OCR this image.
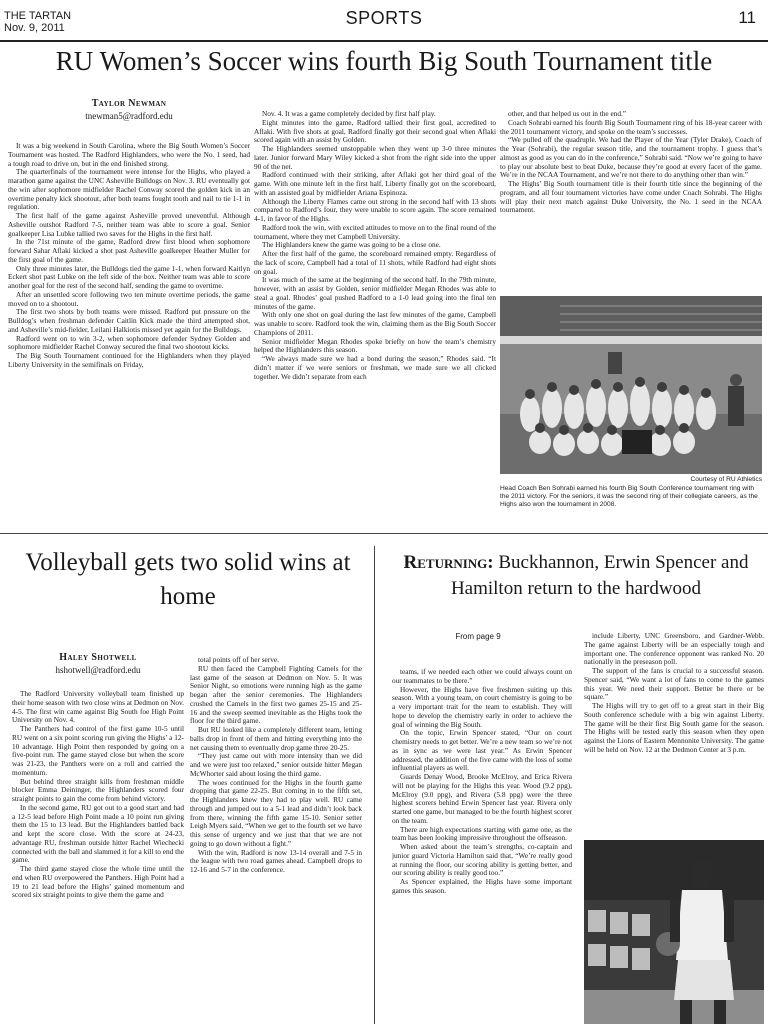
THE TARTAN
Nov. 9, 2011	SPORTS	11
RU Women’s Soccer wins fourth Big South Tournament title
Taylor Newman
tnewman5@radford.edu

It was a big weekend in South Carolina, where the Big South Women’s Soccer Tournament was hosted. The Radford Highlanders, who were the No. 1 seed, had a tough road to drive on, but in the end finished strong.

The quarterfinals of the tournament were intense for the Highs, who played a marathon game against the UNC Asheville Bulldogs on Nov. 3. RU eventually got the win after sophomore midfielder Rachel Conway scored the golden kick in an overtime penalty kick shootout, after both teams fought tooth and nail to tie 1-1 in regulation.

The first half of the game against Asheville proved uneventful. Although Asheville outshot Radford 7-5, neither team was able to score a goal. Senior goalkeeper Lisa Lubke tallied two saves for the Highs in the first half.

In the 71st minute of the game, Radford drew first blood when sophomore forward Sahar Aflaki kicked a shot past Asheville goalkeeper Heather Muller for the first goal of the game.

Only three minutes later, the Bulldogs tied the game 1-1, when forward Kaitlyn Eckert shot past Lubke on the left side of the box. Neither team was able to score another goal for the rest of the second half, sending the game to overtime.

After an unsettled score following two ten minute overtime periods, the game moved on to a shootout.

The first two shots by both teams were missed. Radford put pressure on the Bulldog’s when freshman defender Caitlin Kick made the third attempted shot, and Asheville’s mid-fielder, Leilani Halkiotis missed yet again for the Bulldogs.

Radford went on to win 3-2, when sophomore defender Sydney Golden and sophomore midfielder Rachel Conway secured the final two shootout kicks.

The Big South Tournament continued for the Highlanders when they played Liberty University in the semifinals on Friday,

Nov. 4. It was a game completely decided by first half play.

Eight minutes into the game, Radford tallied their first goal, accredited to Aflaki. With five shots at goal, Radford finally got their second goal when Aflaki scored again with an assist by Golden.

The Highlanders seemed unstoppable when they went up 3-0 three minutes later. Junior forward Mary Wiley kicked a shot from the right side into the upper 90 of the net.

Radford continued with their striking, after Aflaki got her third goal of the game. With one minute left in the first half, Liberty finally got on the scoreboard, with an assisted goal by midfielder Ariana Espinoza.

Although the Liberty Flames came out strong in the second half with 13 shots compared to Radford’s four, they were unable to score again. The score remained 4-1, in favor of the Highs.

Radford took the win, with excited attitudes to move on to the final round of the tournament, where they met Campbell University.

The Highlanders knew the game was going to be a close one.

After the first half of the game, the scoreboard remained empty. Regardless of the lack of score, Campbell had a total of 11 shots, while Radford had eight shots on goal.

It was much of the same at the beginning of the second half. In the 79th minute, however, with an assist by Golden, senior midfielder Megan Rhodes was able to steal a goal. Rhodes’ goal pushed Radford to a 1-0 lead going into the final ten minutes of the game.

With only one shot on goal during the last few minutes of the game, Campbell was unable to score. Radford took the win, claiming them as the Big South Soccer Champions of 2011.

Senior midfielder Megan Rhodes spoke briefly on how the team’s chemistry helped the Highlanders this season.

“We always made sure we had a bond during the season,” Rhodes said. “It didn’t matter if we were seniors or freshman, we made sure we all clicked together. We didn’t separate from each

other, and that helped us out in the end.”

Coach Sohrabi earned his fourth Big South Tournament ring of his 18-year career with the 2011 tournament victory, and spoke on the team’s successes.

“We pulled off the quadruple. We had the Player of the Year (Tyler Drake), Coach of the Year (Sohrabi), the regular season title, and the tournament trophy. I guess that’s almost as good as you can do in the conference,” Sohrabi said. “Now we’re going to have to play our absolute best to beat Duke, because they’re good at every facet of the game. We’re in the NCAA Tournament, and we’re not there to do anything other than win.”

The Highs’ Big South tournament title is their fourth title since the beginning of the program, and all four tournament victories have come under Coach Sohrabi. The Highs will play their next match against Duke University, the No. 1 seed in the NCAA tournament.

Courtesy of RU Athletics
Head Coach Ben Sohrabi earned his fourth Big South Conference tournament ring with the 2011 victory. For the seniors, it was the second ring of their collegiate careers, as the Highs also won the tournament in 2008.
Volleyball gets two solid wins at home
Haley Shotwell
hshotwell@radford.edu

The Radford University volleyball team finished up their home season with two close wins at Dedmon on Nov. 4-5. The first win came against Big South foe High Point University on Nov. 4.

The Panthers had control of the first game 10-5 until RU went on a six point scoring run giving the Highs’ a 12-10 advantage. High Point then responded by going on a five-point run. The game stayed close but when the score was 21-23, the Panthers were on a roll and carried the momentum.

But behind three straight kills from freshman middle blocker Emma Deininger, the Highlanders scored four straight points to gain the come from behind victory.

In the second game, RU got out to a good start and had a 12-5 lead before High Point made a 10 point run giving them the 15 to 13 lead. But the Highlanders battled back and kept the score close. With the score at 24-23, advantage RU, freshman outside hitter Rachel Wiechecki connected with the ball and slammed it for a kill to end the game.

The third game stayed close the whole time until the end when RU overpowered the Panthers. High Point had a 19 to 21 lead before the Highs’ gained momentum and scored six straight points to give them the game and

total points off of her serve.

RU then faced the Campbell Fighting Camels for the last game of the season at Dedmon on Nov. 5. It was Senior Night, so emotions were running high as the game began after the senior ceremonies. The Highlanders crushed the Camels in the first two games 25-15 and 25-16 and the sweep seemed inevitable as the Highs took the floor for the third game.

But RU looked like a completely different team, letting balls drop in front of them and hitting everything into the net causing them to eventually drop game three 20-25.

“They just came out with more intensity than we did and we were just too relaxed,” senior outside hitter Megan McWhorter said about losing the third game.

The woes continued for the Highs in the fourth game dropping that game 22-25. But coming in to the fifth set, the Highlanders knew they had to play well. RU came through and jumped out to a 5-1 lead and didn’t look back from there, winning the fifth game 15-10. Senior setter Leigh Myers said, “When we get to the fourth set we have this sense of urgency and we just that that we are not going to go down without a fight.”

With the win, Radford is now 13-14 overall and 7-5 in the league with two road games ahead. Campbell drops to 12-16 and 5-7 in the conference.

Returning: Buckhannon, Erwin Spencer and Hamilton return to the hardwood
From page 9

teams, if we needed each other we could always count on our teammates to be there.”

However, the Highs have five freshmen suiting up this season. With a young team, on court chemistry is going to be a very important trait for the team to establish. They will hope to develop the chemistry early in order to achieve the goal of winning the Big South.

On the topic, Erwin Spencer stated, “Our on court chemistry needs to get better. We’re a new team so we’re not as in sync as we were last year.” As Erwin Spencer addressed, the addition of the five came with the loss of some influential players as well.

Guards Denay Wood, Brooke McElroy, and Erica Rivera will not be playing for the Highs this year. Wood (9.2 ppg), McElroy (9.0 ppg), and Rivera (5.8 ppg) were the three highest scorers behind Erwin Spencer last year. Rivera only started one game, but managed to be the fourth highest scorer on the team.

There are high expectations starting with game one, as the team has been looking impressive throughout the offseason.

When asked about the team’s strengths, co-captain and junior guard Victoria Hamilton said that, “We’re really good at running the floor, our scoring ability is getting better, and our scoring ability is really good too.”

As Spencer explained, the Highs have some important games this season.

include Liberty, UNC Greensboro, and Gardner-Webb. The game against Liberty will be an especially tough and important one. The conference opponent was ranked No. 20 nationally in the preseason poll.

The support of the fans is crucial to a successful season. Spencer said, “We want a lot of fans to come to the games this year. We need their support. Better be there or be square.”

The Highs will try to get off to a great start in their Big South conference schedule with a big win against Liberty. The game will be their first Big South game for the season. The Highs will be tested early this season when they open against the Lions of Eastern Mennonite University. The game will be held on Nov. 12 at the Dedmon Center at 3 p.m.
